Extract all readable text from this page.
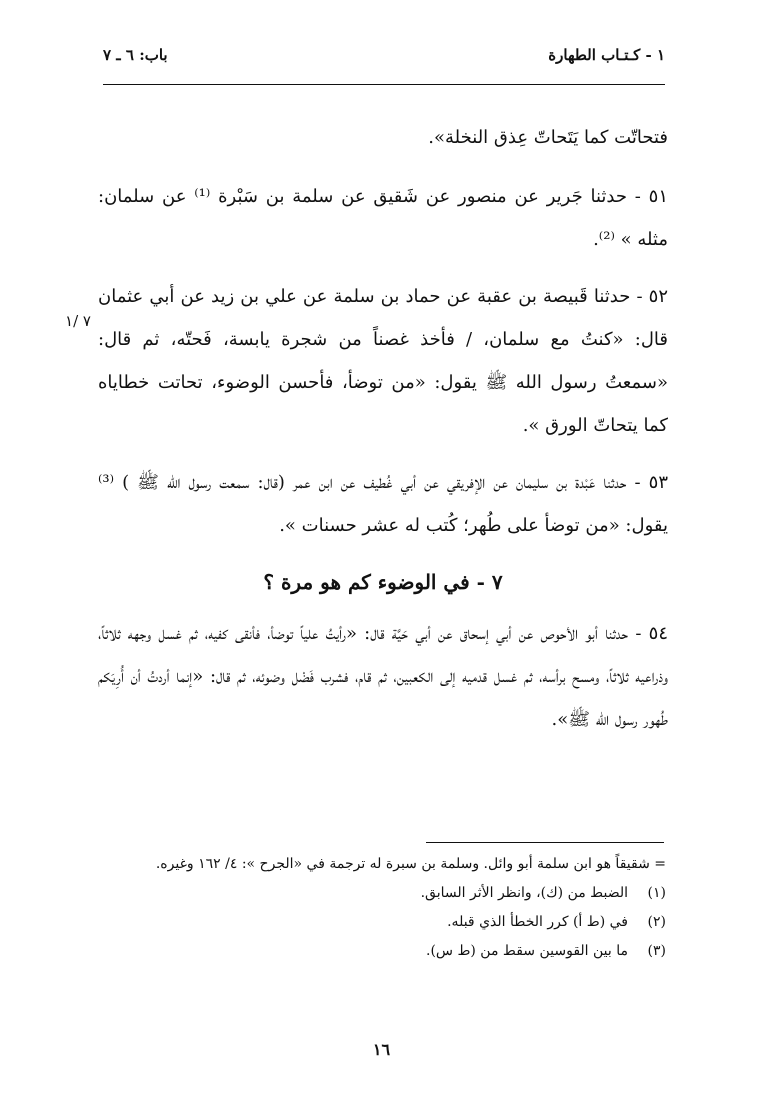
١ - كـتـاب الطهارة
باب: ٦ ـ ٧
٧ /١

فتحاتّت كما يَتَحاتّ عِذق النخلة».

٥١ - حدثنا جَرير عن منصور عن شَقيق عن سلمة بن سَبْرة ⁽¹⁾ عن سلمان: مثله » ⁽²⁾.

٥٢ - حدثنا قَبيصة بن عقبة عن حماد بن سلمة عن علي بن زيد عن أبي عثمان قال: «كنتُ مع سلمان، / فأخذ غصناً من شجرة يابسة، فَحتّه، ثم قال: «سمعتُ رسول الله ﷺ يقول: «من توضأ، فأحسن الوضوء، تحاتت خطاياه كما يتحاتّ الورق ».

٥٣ - حدثنا عَبْدة بن سليمان عن الإفريقي عن أبي غُطيف عن ابن عمر (قال: سمعت رسول الله ﷺ ) ⁽³⁾ يقول: «من توضأ على طُهر؛ كُتب له عشر حسنات ».

٧ - في الوضوء كم هو مرة ؟

٥٤ - حدثنا أبو الأحوص عن أبي إسحاق عن أبي حَيَّة قال: «رأيتُ علياً توضأ، فأنقى كفيه، ثم غسل وجهه ثلاثاً، وذراعيه ثلاثاً، ومسح برأسه، ثم غسل قدميه إلى الكعبين، ثم قام، فشرب فَضْل وضوئه، ثم قال: «إنما أردتُ أن أُرِيَكم طُهور رسول الله ﷺ».

= شقيقاً هو ابن سلمة أبو وائل. وسلمة بن سبرة له ترجمة في «الجرح »: ٤/ ١٦٢ وغيره.

(١)
الضبط من (ك)، وانظر الأثر السابق.
(٢)
في (ط أ) كرر الخطأ الذي قبله.
(٣)
ما بين القوسين سقط من (ط س).
١٦
